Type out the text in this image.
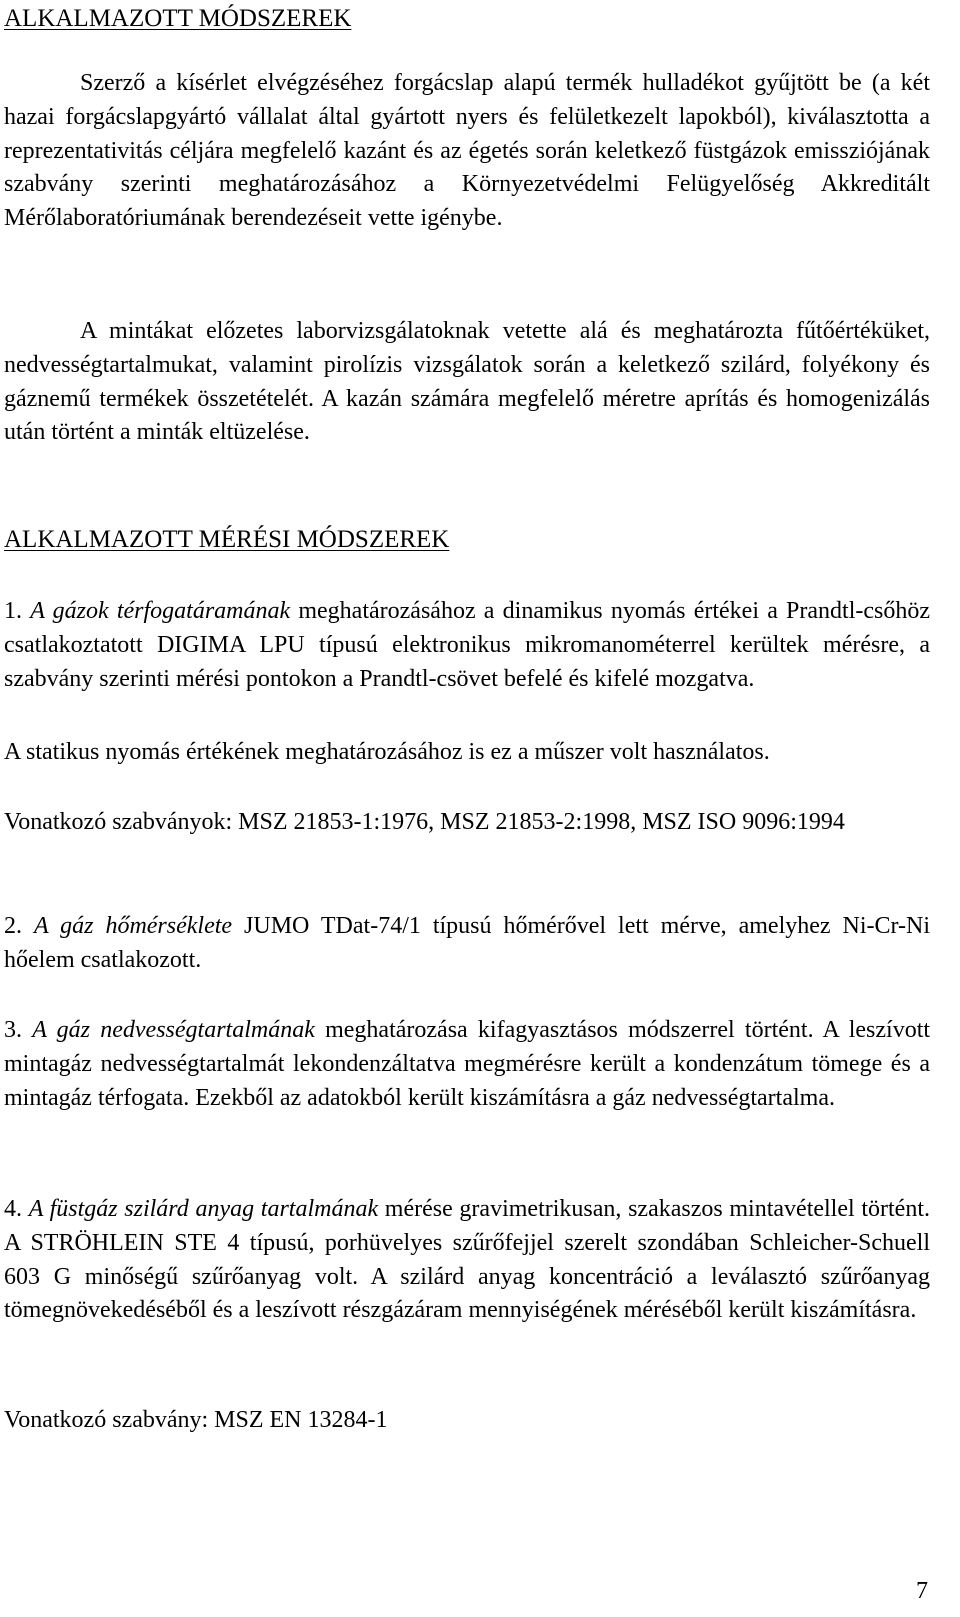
ALKALMAZOTT MÓDSZEREK

Szerző a kísérlet elvégzéséhez forgácslap alapú termék hulladékot gyűjtött be (a két hazai forgácslapgyártó vállalat által gyártott nyers és felületkezelt lapokból), kiválasztotta a reprezentativitás céljára megfelelő kazánt és az égetés során keletkező füstgázok emissziójának szabvány szerinti meghatározásához a Környezetvédelmi Felügyelőség Akkreditált Mérőlaboratóriumának berendezéseit vette igénybe.

A mintákat előzetes laborvizsgálatoknak vetette alá és meghatározta fűtőértéküket, nedvességtartalmukat, valamint pirolízis vizsgálatok során a keletkező szilárd, folyékony és gáznemű termékek összetételét. A kazán számára megfelelő méretre aprítás és homogenizálás után történt a minták eltüzelése.

ALKALMAZOTT MÉRÉSI MÓDSZEREK

1. A gázok térfogatáramának meghatározásához a dinamikus nyomás értékei a Prandtl-csőhöz csatlakoztatott DIGIMA LPU típusú elektronikus mikromanométerrel kerültek mérésre, a szabvány szerinti mérési pontokon a Prandtl-csövet befelé és kifelé mozgatva.

A statikus nyomás értékének meghatározásához is ez a műszer volt használatos.

Vonatkozó szabványok: MSZ 21853-1:1976, MSZ 21853-2:1998, MSZ ISO 9096:1994

2. A gáz hőmérséklete JUMO TDat-74/1 típusú hőmérővel lett mérve, amelyhez Ni-Cr-Ni hőelem csatlakozott.

3. A gáz nedvességtartalmának meghatározása kifagyasztásos módszerrel történt. A leszívott mintagáz nedvességtartalmát lekondenzáltatva megmérésre került a kondenzátum tömege és a mintagáz térfogata. Ezekből az adatokból került kiszámításra a gáz nedvességtartalma.

4. A füstgáz szilárd anyag tartalmának mérése gravimetrikusan, szakaszos mintavétellel történt. A STRÖHLEIN STE 4 típusú, porhüvelyes szűrőfejjel szerelt szondában Schleicher-Schuell 603 G minőségű szűrőanyag volt. A szilárd anyag koncentráció a leválasztó szűrőanyag tömegnövekedéséből és a leszívott részgázáram mennyiségének méréséből került kiszámításra.

Vonatkozó szabvány: MSZ EN 13284-1

7
